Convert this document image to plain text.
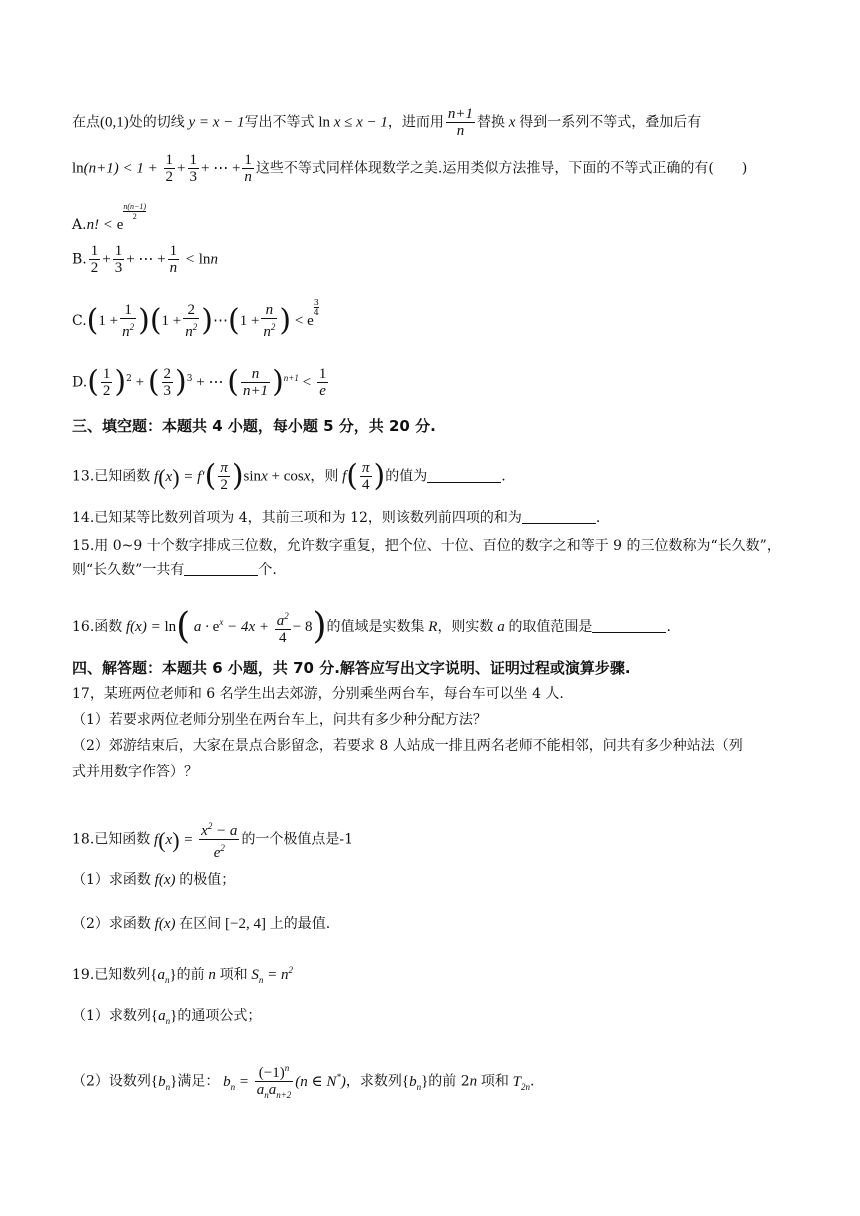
在点(0,1)处的切线 y = x − 1写出不等式 ln x ≤ x − 1，进而用 $\frac{n+1}{n}$ 替换 x 得到一系列不等式，叠加后有
$\ln(n+1) < 1 + \frac{1}{2} + \frac{1}{3}$ + ⋯ + $\frac{1}{n}$ 这些不等式同样体现数学之美.运用类似方法推导，下面的不等式正确的有(　　)
A.n! < e
$\frac{n(n-1)}{2}$
B. $\frac{1}{2} + \frac{1}{3}$ + ⋯ + $\frac{1}{n} < \ln n$
$C.(1 + \frac{1}{n^2} )(1 + \frac{2}{n^2}$ )⋯(1 + $\frac{n}{n^2}$ ) < e
$\frac{3}{4}$
$D.( \frac{1}{2} )^2$ + ( $\frac{2}{3} )^3$ + ⋯ ( $\frac{n}{n+1} )^{n+1} < \frac{1}{e}$
三、填空题：本题共 4 小题，每小题 5 分，共 20 分.
13.已知函数 $f(x) = f'( \frac{\pi}{2} )\sin x + \cos x$，则 $f( \frac{\pi}{4}$ )的值为	.
14.已知某等比数列首项为 4，其前三项和为 12，则该数列前四项的和为	.
15.用 0~9 十个数字排成三位数，允许数字重复，把个位、十位、百位的数字之和等于 9 的三位数称为“长久数”，
则“长久数”一共有	个.
16.函数 f(x) = ln( $a \cdot e^x - 4x + \frac{a^2}{4} - 8$)的值域是实数集 R，则实数 a 的取值范围是	.
四、解答题：本题共 6 小题，共 70 分.解答应写出文字说明、证明过程或演算步骤.
17，某班两位老师和 6 名学生出去郊游，分别乘坐两台车，每台车可以坐 4 人.
（1）若要求两位老师分别坐在两台车上，问共有多少种分配方法？
（2）郊游结束后，大家在景点合影留念，若要求 8 人站成一排且两名老师不能相邻，问共有多少种站法（列
式并用数字作答）？
18.已知函数 $f(x) = \frac{x^2 - a}{e^2}$ 的一个极值点是-1
（1）求函数 f(x) 的极值；
（2）求函数 f(x) 在区间 [−2, 4] 上的最值.
19.已知数列$\{a_n\}$的前 n 项和 $S_n = n^2$
（1）求数列$\{a_n\}$的通项公式；
（2）设数列$\{b_n\}$满足： $b_n = \frac{(-1)^n}{a_na_{n+2}} (n$ ∈ N*)，求数列$\{b_n\}$的前 2n 项和 $T_{2n}$.
